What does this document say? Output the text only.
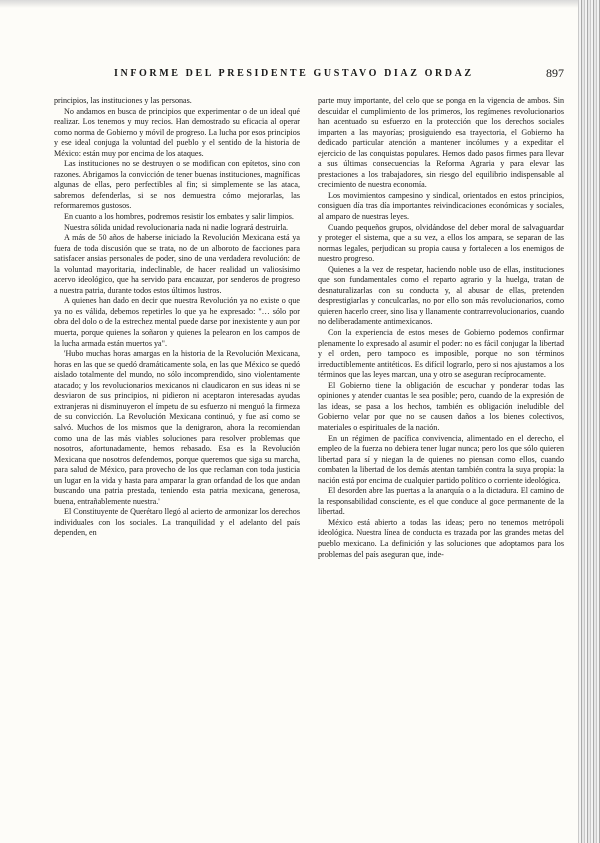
INFORME DEL PRESIDENTE GUSTAVO DIAZ ORDAZ	897

principios, las instituciones y las personas.

No andamos en busca de principios que experimentar o de un ideal qué realizar. Los tenemos y muy recios. Han demostrado su eficacia al operar como norma de Gobierno y móvil de progreso. La lucha por esos principios y ese ideal conjuga la voluntad del pueblo y el sentido de la historia de México: están muy por encima de los ataques.

Las instituciones no se destruyen o se modifican con epítetos, sino con razones. Abrigamos la convicción de tener buenas instituciones, magníficas algunas de ellas, pero perfectibles al fin; si simplemente se las ataca, sabremos defenderlas, si se nos demuestra cómo mejorarlas, las reformaremos gustosos.

En cuanto a los hombres, podremos resistir los embates y salir limpios.

Nuestra sólida unidad revolucionaria nada ni nadie logrará destruirla.

A más de 50 años de haberse iniciado la Revolución Mexicana está ya fuera de toda discusión que se trata, no de un alboroto de facciones para satisfacer ansias personales de poder, sino de una verdadera revolución: de la voluntad mayoritaria, indeclinable, de hacer realidad un valiosísimo acervo ideológico, que ha servido para encauzar, por senderos de progreso a nuestra patria, durante todos estos últimos lustros.

A quienes han dado en decir que nuestra Revolución ya no existe o que ya no es válida, debemos repetirles lo que ya he expresado: "… sólo por obra del dolo o de la estrechez mental puede darse por inexistente y aun por muerta, porque quienes la soñaron y quienes la pelearon en los campos de la lucha armada están muertos ya".

'Hubo muchas horas amargas en la historia de la Revolución Mexicana, horas en las que se quedó dramáticamente sola, en las que México se quedó aislado totalmente del mundo, no sólo incomprendido, sino violentamente atacado; y los revolucionarios mexicanos ni claudicaron en sus ideas ni se desviaron de sus principios, ni pidieron ni aceptaron interesadas ayudas extranjeras ni disminuyeron el ímpetu de su esfuerzo ni menguó la firmeza de su convicción. La Revolución Mexicana continuó, y fue así como se salvó. Muchos de los mismos que la denigraron, ahora la recomiendan como una de las más viables soluciones para resolver problemas que nosotros, afortunadamente, hemos rebasado. Esa es la Revolución Mexicana que nosotros defendemos, porque queremos que siga su marcha, para salud de México, para provecho de los que reclaman con toda justicia un lugar en la vida y hasta para amparar la gran orfandad de los que andan buscando una patria prestada, teniendo esta patria mexicana, generosa, buena, entrañablemente nuestra.'

El Constituyente de Querétaro llegó al acierto de armonizar los derechos individuales con los sociales. La tranquilidad y el adelanto del país dependen, en

parte muy importante, del celo que se ponga en la vigencia de ambos. Sin descuidar el cumplimiento de los primeros, los regímenes revolucionarios han acentuado su esfuerzo en la protección que los derechos sociales imparten a las mayorías; prosiguiendo esa trayectoria, el Gobierno ha dedicado particular atención a mantener incólumes y a expeditar el ejercicio de las conquistas populares. Hemos dado pasos firmes para llevar a sus últimas consecuencias la Reforma Agraria y para elevar las prestaciones a los trabajadores, sin riesgo del equilibrio indispensable al crecimiento de nuestra economía.

Los movimientos campesino y sindical, orientados en estos principios, consiguen día tras día importantes reivindicaciones económicas y sociales, al amparo de nuestras leyes.

Cuando pequeños grupos, olvidándose del deber moral de salvaguardar y proteger el sistema, que a su vez, a ellos los ampara, se separan de las normas legales, perjudican su propia causa y fortalecen a los enemigos de nuestro progreso.

Quienes a la vez de respetar, haciendo noble uso de ellas, instituciones que son fundamentales como el reparto agrario y la huelga, tratan de desnaturalizarlas con su conducta y, al abusar de ellas, pretenden desprestigiarlas y conculcarlas, no por ello son más revolucionarios, como quieren hacerlo creer, sino lisa y llanamente contrarrevolucionarios, cuando no deliberadamente antimexicanos.

Con la experiencia de estos meses de Gobierno podemos confirmar plenamente lo expresado al asumir el poder: no es fácil conjugar la libertad y el orden, pero tampoco es imposible, porque no son términos irreductiblemente antitéticos. Es difícil lograrlo, pero si nos ajustamos a los términos que las leyes marcan, una y otro se aseguran recíprocamente.

El Gobierno tiene la obligación de escuchar y ponderar todas las opiniones y atender cuantas le sea posible; pero, cuando de la expresión de las ideas, se pasa a los hechos, también es obligación ineludible del Gobierno velar por que no se causen daños a los bienes colectivos, materiales o espirituales de la nación.

En un régimen de pacífica convivencia, alimentado en el derecho, el empleo de la fuerza no debiera tener lugar nunca; pero los que sólo quieren libertad para sí y niegan la de quienes no piensan como ellos, cuando combaten la libertad de los demás atentan también contra la suya propia: la nación está por encima de cualquier partido político o corriente ideológica.

El desorden abre las puertas a la anarquía o a la dictadura. El camino de la responsabilidad consciente, es el que conduce al goce permanente de la libertad.

México está abierto a todas las ideas; pero no tenemos metrópoli ideológica. Nuestra línea de conducta es trazada por las grandes metas del pueblo mexicano. La definición y las soluciones que adoptamos para los problemas del país aseguran que, inde-
